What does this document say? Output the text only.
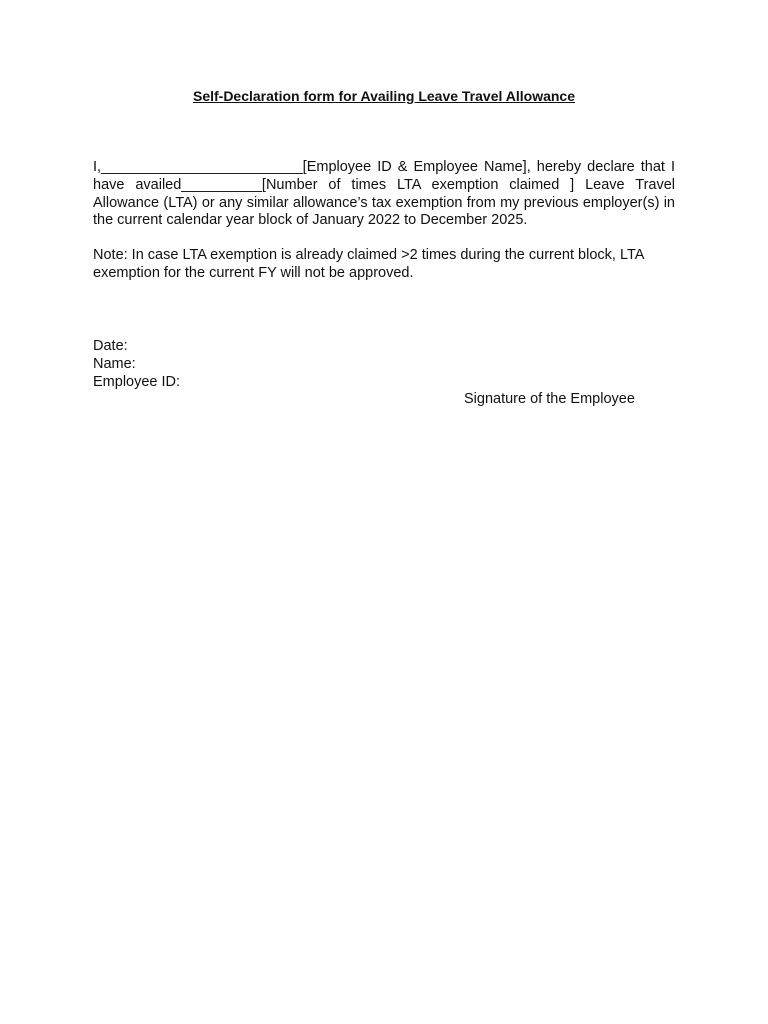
Self-Declaration form for Availing Leave Travel Allowance
I,_________________________[Employee ID & Employee Name], hereby declare that I have availed__________[Number of times LTA exemption claimed ] Leave Travel Allowance (LTA) or any similar allowance’s tax exemption from my previous employer(s) in the current calendar year block of January 2022 to December 2025.
Note: In case LTA exemption is already claimed >2 times during the current block, LTA exemption for the current FY will not be approved.
Date:
Name:
Employee ID:
Signature of the Employee
